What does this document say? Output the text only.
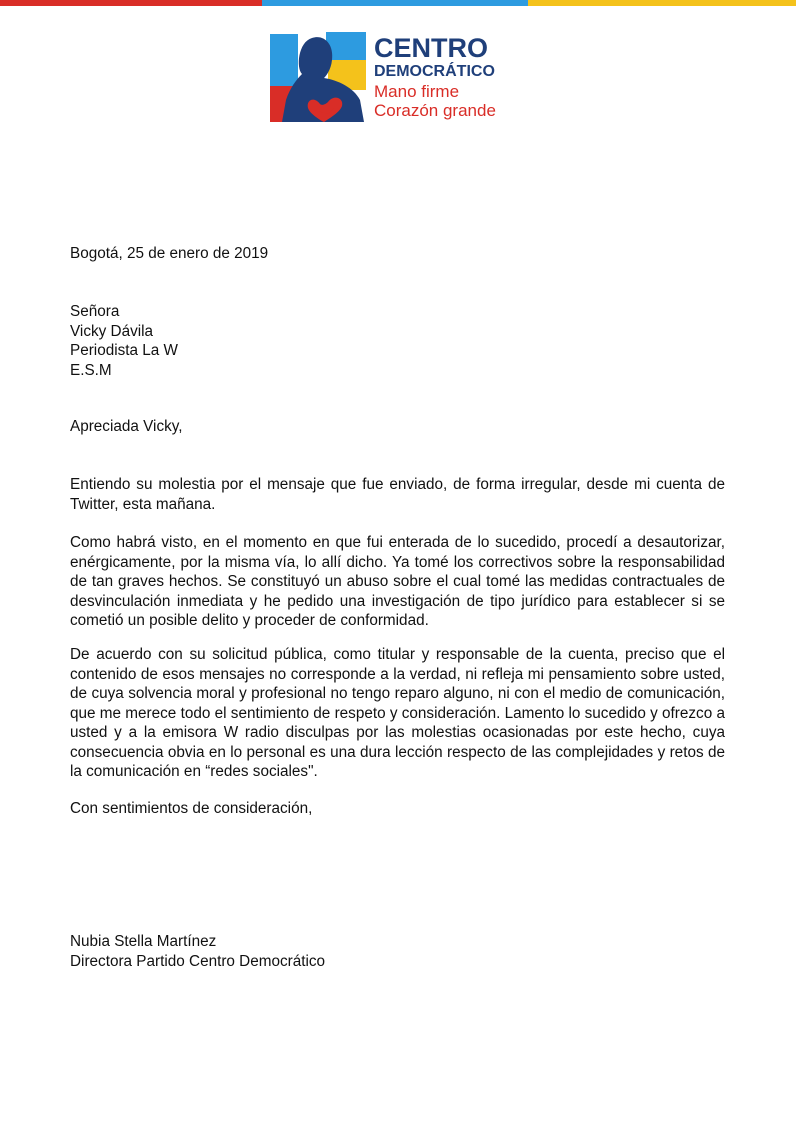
CENTRO
DEMOCRÁTICO
Mano firme
Corazón grande

Bogotá, 25 de enero de 2019

Señora
Vicky Dávila
Periodista La W
E.S.M

Apreciada Vicky,

Entiendo su molestia por el mensaje que fue enviado, de forma irregular, desde mi cuenta de Twitter, esta mañana.

Como habrá visto, en el momento en que fui enterada de lo sucedido, procedí a desautorizar, enérgicamente, por la misma vía, lo allí dicho. Ya tomé los correctivos sobre la responsabilidad de tan graves hechos. Se constituyó un abuso sobre el cual tomé las medidas contractuales de desvinculación inmediata y he pedido una investigación de tipo jurídico para establecer si se cometió un posible delito y proceder de conformidad.

De acuerdo con su solicitud pública, como titular y responsable de la cuenta, preciso que el contenido de esos mensajes no corresponde a la verdad, ni refleja mi pensamiento sobre usted, de cuya solvencia moral y profesional no tengo reparo alguno, ni con el medio de comunicación, que me merece todo el sentimiento de respeto y consideración. Lamento lo sucedido y ofrezco a usted y a la emisora W radio disculpas por las molestias ocasionadas por este hecho, cuya consecuencia obvia en lo personal es una dura lección respecto de las complejidades y retos de la comunicación en “redes sociales".

Con sentimientos de consideración,

Nubia Stella Martínez
Directora Partido Centro Democrático
